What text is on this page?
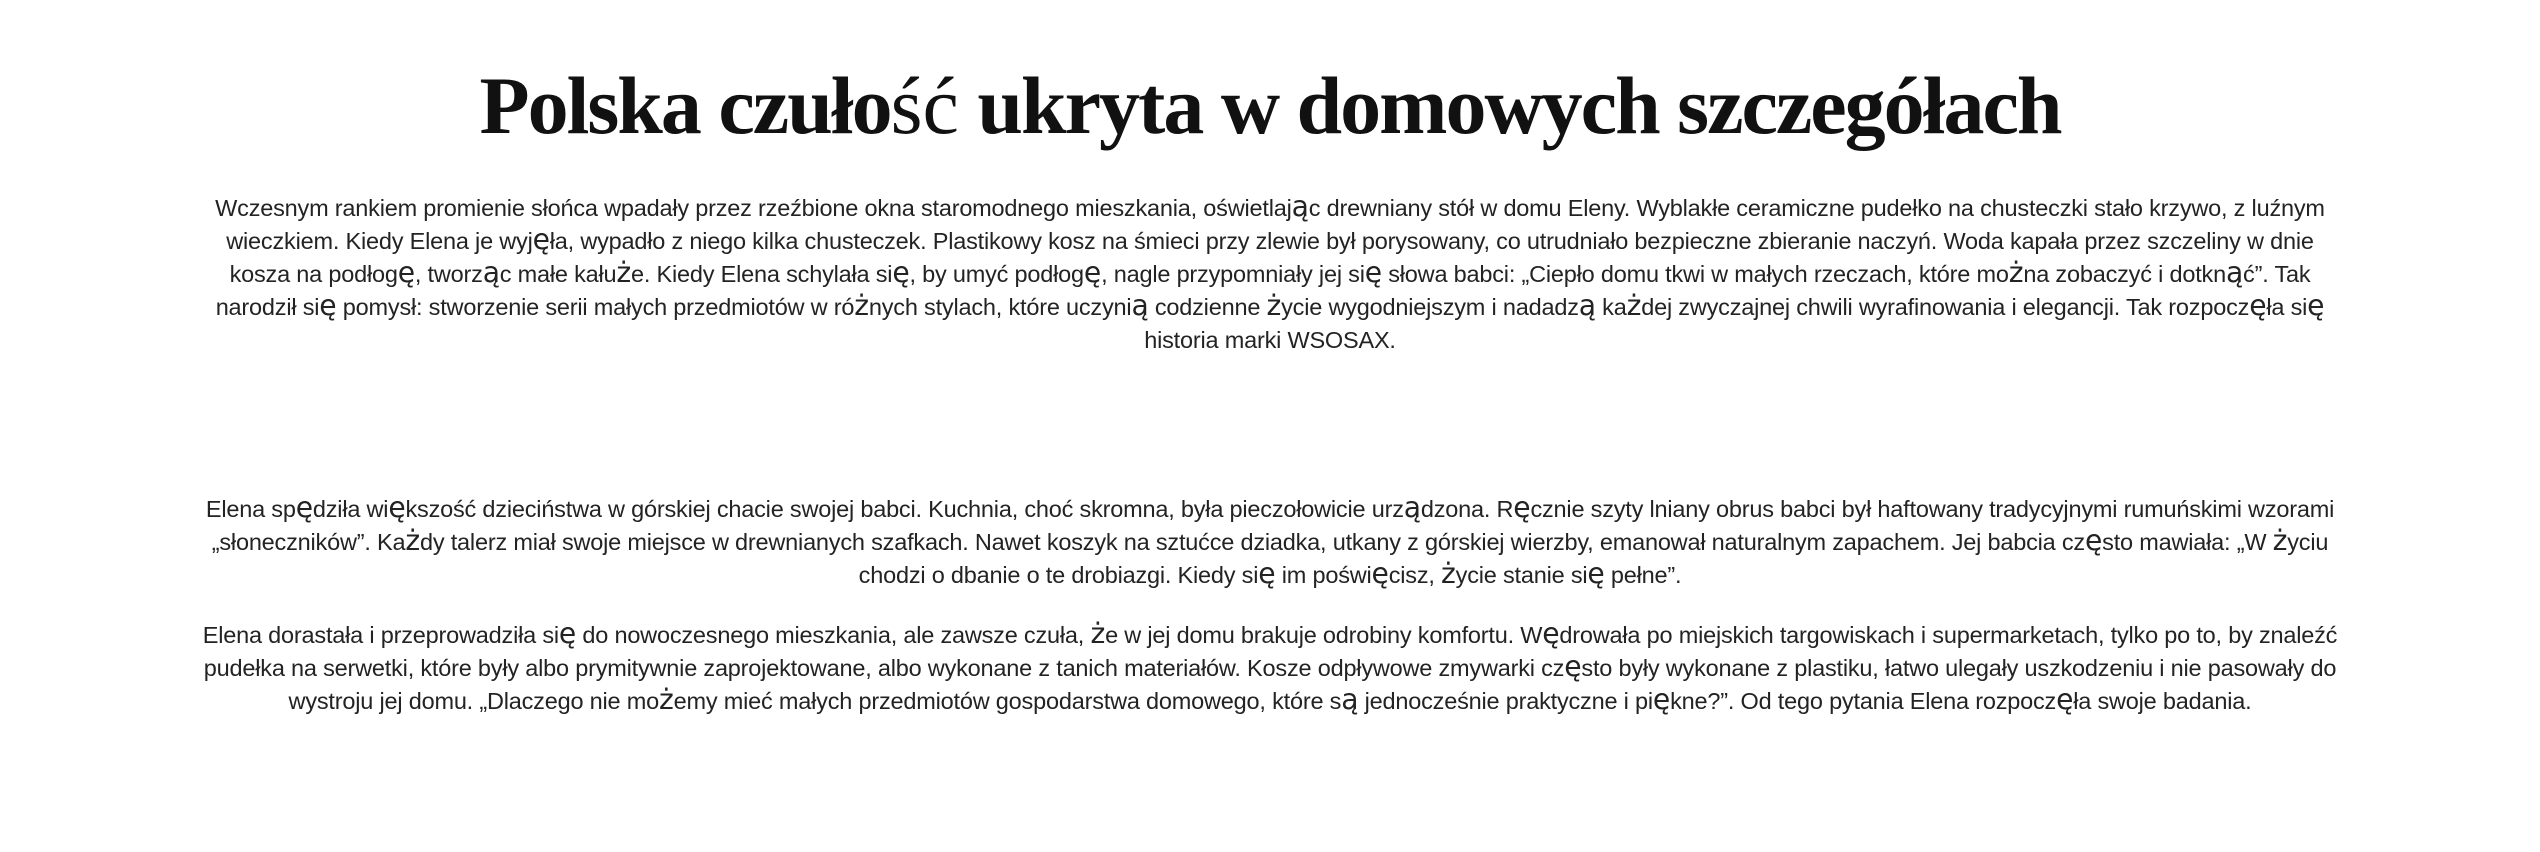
Polska czułość ukryta w domowych szczegółach

Wczesnym rankiem promienie słońca wpadały przez rzeźbione okna staromodnego mieszkania, oświetlając drewniany stół w domu Eleny. Wyblakłe ceramiczne pudełko na chusteczki stało krzywo, z luźnym wieczkiem. Kiedy Elena je wyjęła, wypadło z niego kilka chusteczek. Plastikowy kosz na śmieci przy zlewie był porysowany, co utrudniało bezpieczne zbieranie naczyń. Woda kapała przez szczeliny w dnie kosza na podłogę, tworząc małe kałuże. Kiedy Elena schylała się, by umyć podłogę, nagle przypomniały jej się słowa babci: „Ciepło domu tkwi w małych rzeczach, które można zobaczyć i dotknąć”. Tak narodził się pomysł: stworzenie serii małych przedmiotów w różnych stylach, które uczynią codzienne życie wygodniejszym i nadadzą każdej zwyczajnej chwili wyrafinowania i elegancji. Tak rozpoczęła się historia marki WSOSAX.

Elena spędziła większość dzieciństwa w górskiej chacie swojej babci. Kuchnia, choć skromna, była pieczołowicie urządzona. Ręcznie szyty lniany obrus babci był haftowany tradycyjnymi rumuńskimi wzorami „słoneczników”. Każdy talerz miał swoje miejsce w drewnianych szafkach. Nawet koszyk na sztućce dziadka, utkany z górskiej wierzby, emanował naturalnym zapachem. Jej babcia często mawiała: „W życiu chodzi o dbanie o te drobiazgi. Kiedy się im poświęcisz, życie stanie się pełne”.

Elena dorastała i przeprowadziła się do nowoczesnego mieszkania, ale zawsze czuła, że w jej domu brakuje odrobiny komfortu. Wędrowała po miejskich targowiskach i supermarketach, tylko po to, by znaleźć pudełka na serwetki, które były albo prymitywnie zaprojektowane, albo wykonane z tanich materiałów. Kosze odpływowe zmywarki często były wykonane z plastiku, łatwo ulegały uszkodzeniu i nie pasowały do wystroju jej domu. „Dlaczego nie możemy mieć małych przedmiotów gospodarstwa domowego, które są jednocześnie praktyczne i piękne?”. Od tego pytania Elena rozpoczęła swoje badania.
